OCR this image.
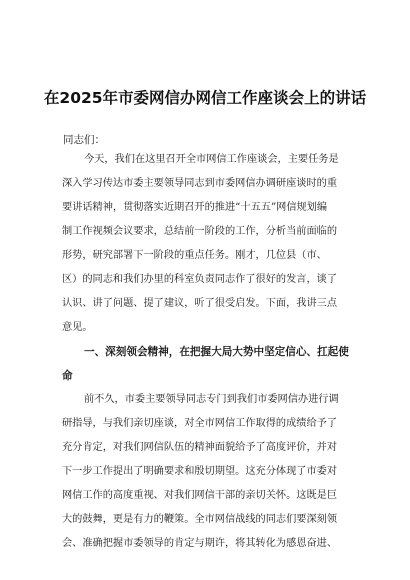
在2025年市委网信办网信工作座谈会上的讲话
同志们：
今天，我们在这里召开全市网信工作座谈会，主要任务是
深入学习传达市委主要领导同志到市委网信办调研座谈时的重
要讲话精神，贯彻落实近期召开的推进“十五五”网信规划编
制工作视频会议要求，总结前一阶段的工作，分析当前面临的
形势，研究部署下一阶段的重点任务。刚才，几位县（市、
区）的同志和我们办里的科室负责同志作了很好的发言，谈了
认识、讲了问题、提了建议，听了很受启发。下面，我讲三点
意见。
一、深刻领会精神，在把握大局大势中坚定信心、扛起使
命
前不久，市委主要领导同志专门到我们市委网信办进行调
研指导，与我们亲切座谈，对全市网信工作取得的成绩给予了
充分肯定，对我们网信队伍的精神面貌给予了高度评价，并对
下一步工作提出了明确要求和殷切期望。这充分体现了市委对
网信工作的高度重视、对我们网信干部的亲切关怀。这既是巨
大的鼓舞，更是有力的鞭策。全市网信战线的同志们要深刻领
会、准确把握市委领导的肯定与期许，将其转化为感恩奋进、
